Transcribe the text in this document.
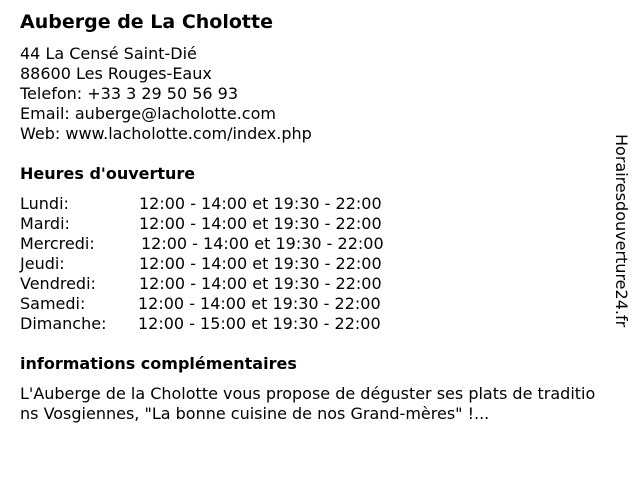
Auberge de La Cholotte
44 La Censé Saint-Dié
88600 Les Rouges-Eaux
Telefon: +33 3 29 50 56 93
Email: auberge@lacholotte.com
Web: www.lacholotte.com/index.php
Heures d'ouverture
Lundi:	12:00 - 14:00 et 19:30 - 22:00
Mardi:	12:00 - 14:00 et 19:30 - 22:00
Mercredi:	12:00 - 14:00 et 19:30 - 22:00
Jeudi:	12:00 - 14:00 et 19:30 - 22:00
Vendredi:	12:00 - 14:00 et 19:30 - 22:00
Samedi:	12:00 - 14:00 et 19:30 - 22:00
Dimanche: 12:00 - 15:00 et 19:30 - 22:00
informations complémentaires
L'Auberge de la Cholotte vous propose de déguster ses plats de traditions Vosgiennes, "La bonne cuisine de nos Grand-mères" !...
Horairesdouverture24.fr
